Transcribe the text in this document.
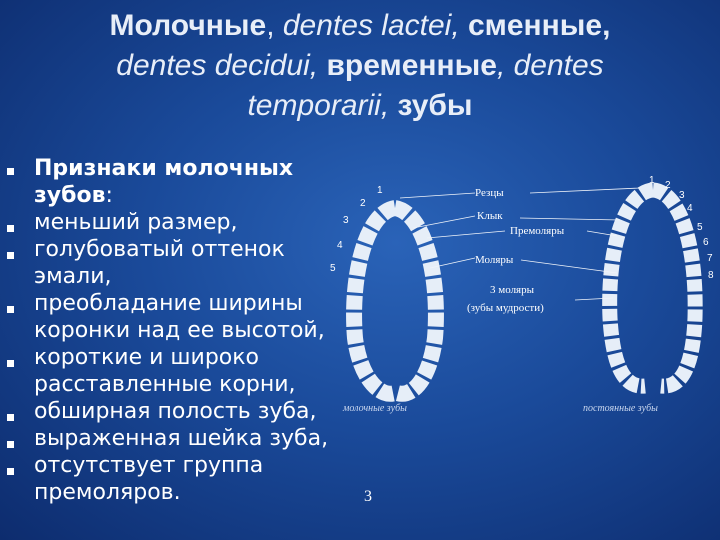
Молочные, dentes lactei, сменные,
dentes decidui, временные, dentes
temporarii, зубы
Признаки молочных
зубов:
меньший размер,
голубоватый оттенок
эмали,
преобладание ширины
коронки над ее высотой,
короткие и широко
расставленные корни,
обширная полость зуба,
выраженная шейка зуба,
отсутствует группа
премоляров.
Резцы
Клык
Премоляры
Моляры
3 моляры
(зубы мудрости)
молочные зубы	постоянные зубы
1
2
3
4
5
1 2
3
4
5
6
7
8
3
